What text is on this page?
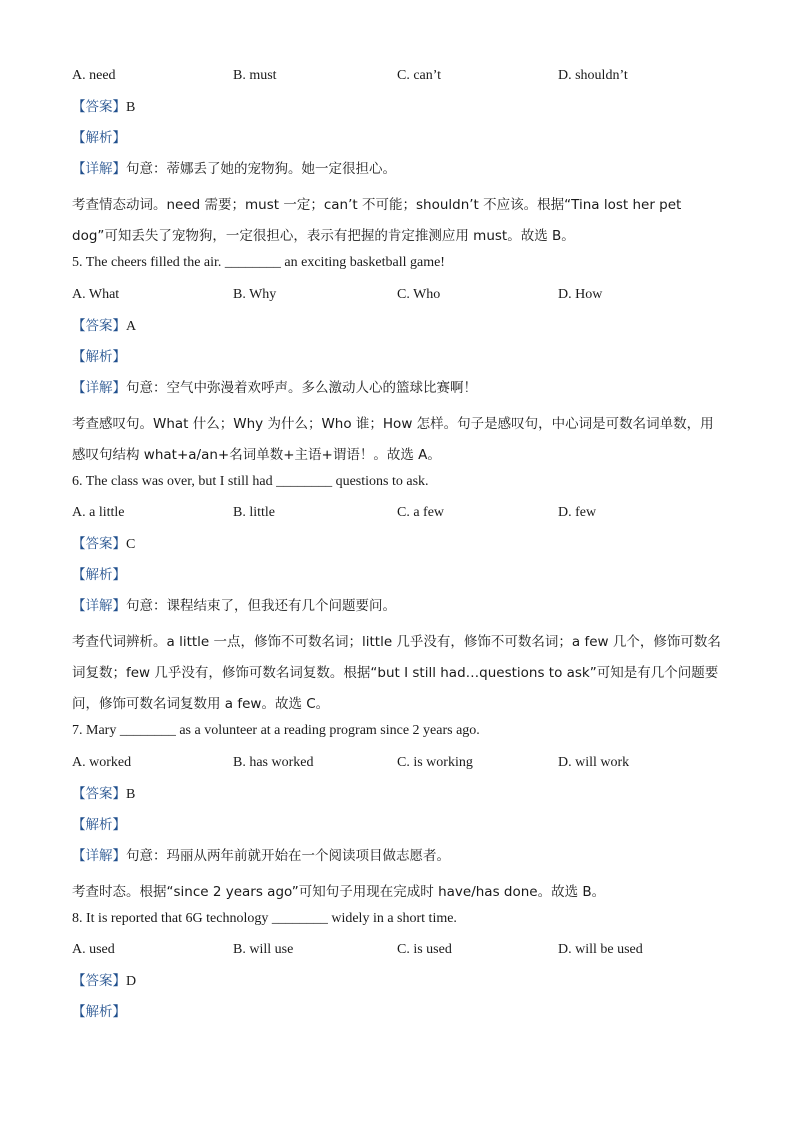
A. need	B. must	C. can’t	D. shouldn’t
【答案】B
【解析】
【详解】句意：蒂娜丢了她的宠物狗。她一定很担心。
考查情态动词。need 需要；must 一定；can’t 不可能；shouldn’t 不应该。根据“Tina lost her pet dog”可知丢失了宠物狗，一定很担心，表示有把握的肯定推测应用 must。故选 B。
5. The cheers filled the air. ________ an exciting basketball game!
A. What	B. Why	C. Who	D. How
【答案】A
【解析】
【详解】句意：空气中弥漫着欢呼声。多么激动人心的篮球比赛啊！
考查感叹句。What 什么；Why 为什么；Who 谁；How 怎样。句子是感叹句，中心词是可数名词单数，用感叹句结构 what+a/an+名词单数+主语+谓语！。故选 A。
6. The class was over, but I still had ________ questions to ask.
A. a little	B. little	C. a few	D. few
【答案】C
【解析】
【详解】句意：课程结束了，但我还有几个问题要问。
考查代词辨析。a little 一点，修饰不可数名词；little 几乎没有，修饰不可数名词；a few 几个，修饰可数名词复数；few 几乎没有，修饰可数名词复数。根据“but I still had…questions to ask”可知是有几个问题要问，修饰可数名词复数用 a few。故选 C。
7. Mary ________ as a volunteer at a reading program since 2 years ago.
A. worked	B. has worked	C. is working	D. will work
【答案】B
【解析】
【详解】句意：玛丽从两年前就开始在一个阅读项目做志愿者。
考查时态。根据“since 2 years ago”可知句子用现在完成时 have/has done。故选 B。
8. It is reported that 6G technology ________ widely in a short time.
A. used	B. will use	C. is used	D. will be used
【答案】D
【解析】
